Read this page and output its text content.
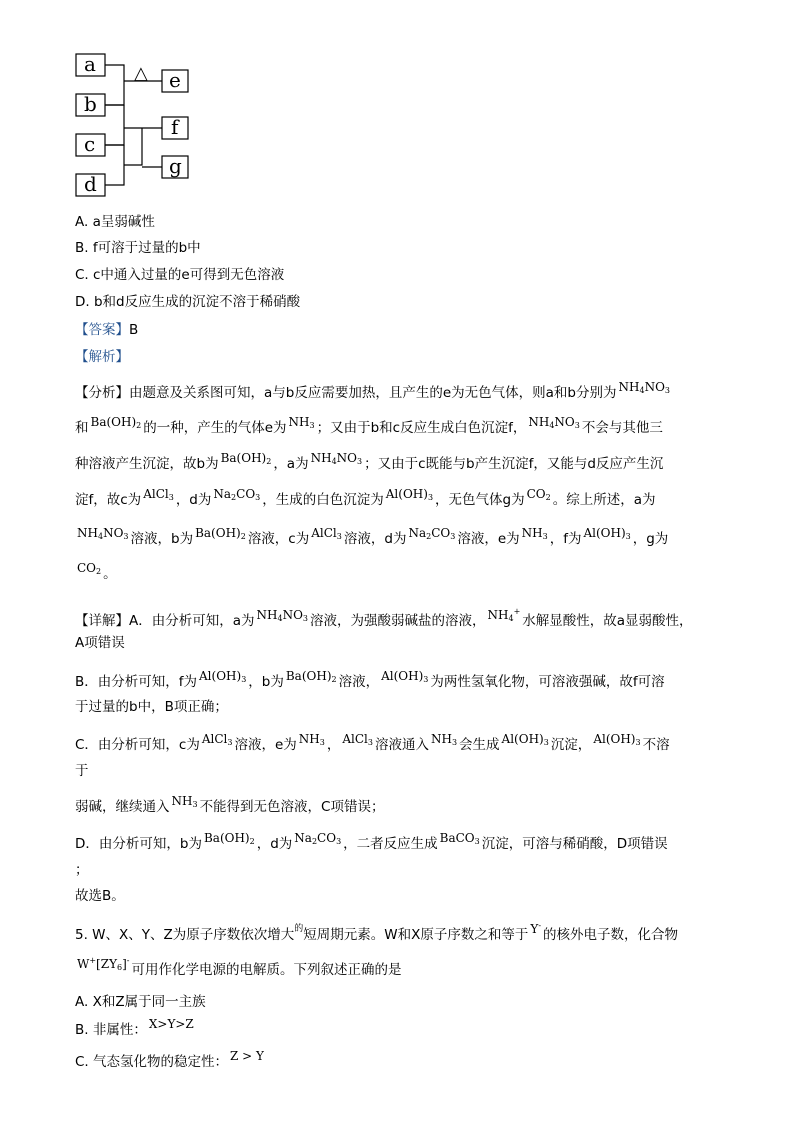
a
b
c
d
e
f
g
△
A. a呈弱碱性
B. f可溶于过量的b中
C. c中通入过量的e可得到无色溶液
D. b和d反应生成的沉淀不溶于稀硝酸
【答案】B
【解析】
【分析】由题意及关系图可知，a与b反应需要加热，且产生的e为无色气体，则a和b分别为 $NH_4NO_3$
和 $Ba(OH)_2$ 的一种，产生的气体e为 $NH_3$ ；又由于b和c反应生成白色沉淀f， $NH_4NO_3$ 不会与其他三
种溶液产生沉淀，故b为 $Ba(OH)_2$ ，a为 $NH_4NO_3$ ；又由于c既能与b产生沉淀f，又能与d反应产生沉
淀f，故c为 AlCl$_3$ ，d为 $Na_2CO_3$ ，生成的白色沉淀为 $Al(OH)_3$ ，无色气体g为 $CO_2$ 。综上所述，a为
$NH_4NO_3$ 溶液，b为 $Ba(OH)_2$ 溶液，c为 AlCl$_3$ 溶液，d为 $Na_2CO_3$ 溶液，e为 $NH_3$ ，f为 $Al(OH)_3$ ，g为
$CO_2$ 。
【详解】A．由分析可知，a为 $NH_4NO_3$ 溶液，为强酸弱碱盐的溶液， $NH_4^+$水解显酸性，故a显弱酸性，
A项错误
B．由分析可知，f为 $Al(OH)_3$ ，b为 $Ba(OH)_2$ 溶液， $Al(OH)_3$ 为两性氢氧化物，可溶液强碱，故f可溶
于过量的b中，B项正确；
C．由分析可知，c为 AlCl$_3$ 溶液，e为 $NH_3$ ， AlCl$_3$ 溶液通入 $NH_3$ 会生成 $Al(OH)_3$ 沉淀， $Al(OH)_3$ 不溶
于
弱碱，继续通入 $NH_3$ 不能得到无色溶液，C项错误；
D．由分析可知，b为 $Ba(OH)_2$ ，d为 $Na_2CO_3$ ，二者反应生成 BaCO$_3$ 沉淀，可溶与稀硝酸，D项错误
；
故选B。
5. W、X、Y、Z为原子序数依次增大$^的$短周期元素。W和X原子序数之和等于 Y-的核外电子数，化合物
$W^+[ZY_6]^-$可用作化学电源的电解质。下列叙述正确的是
A. X和Z属于同一主族
B. 非属性： X>Y>Z
C. 气态氢化物的稳定性： Z > Y
